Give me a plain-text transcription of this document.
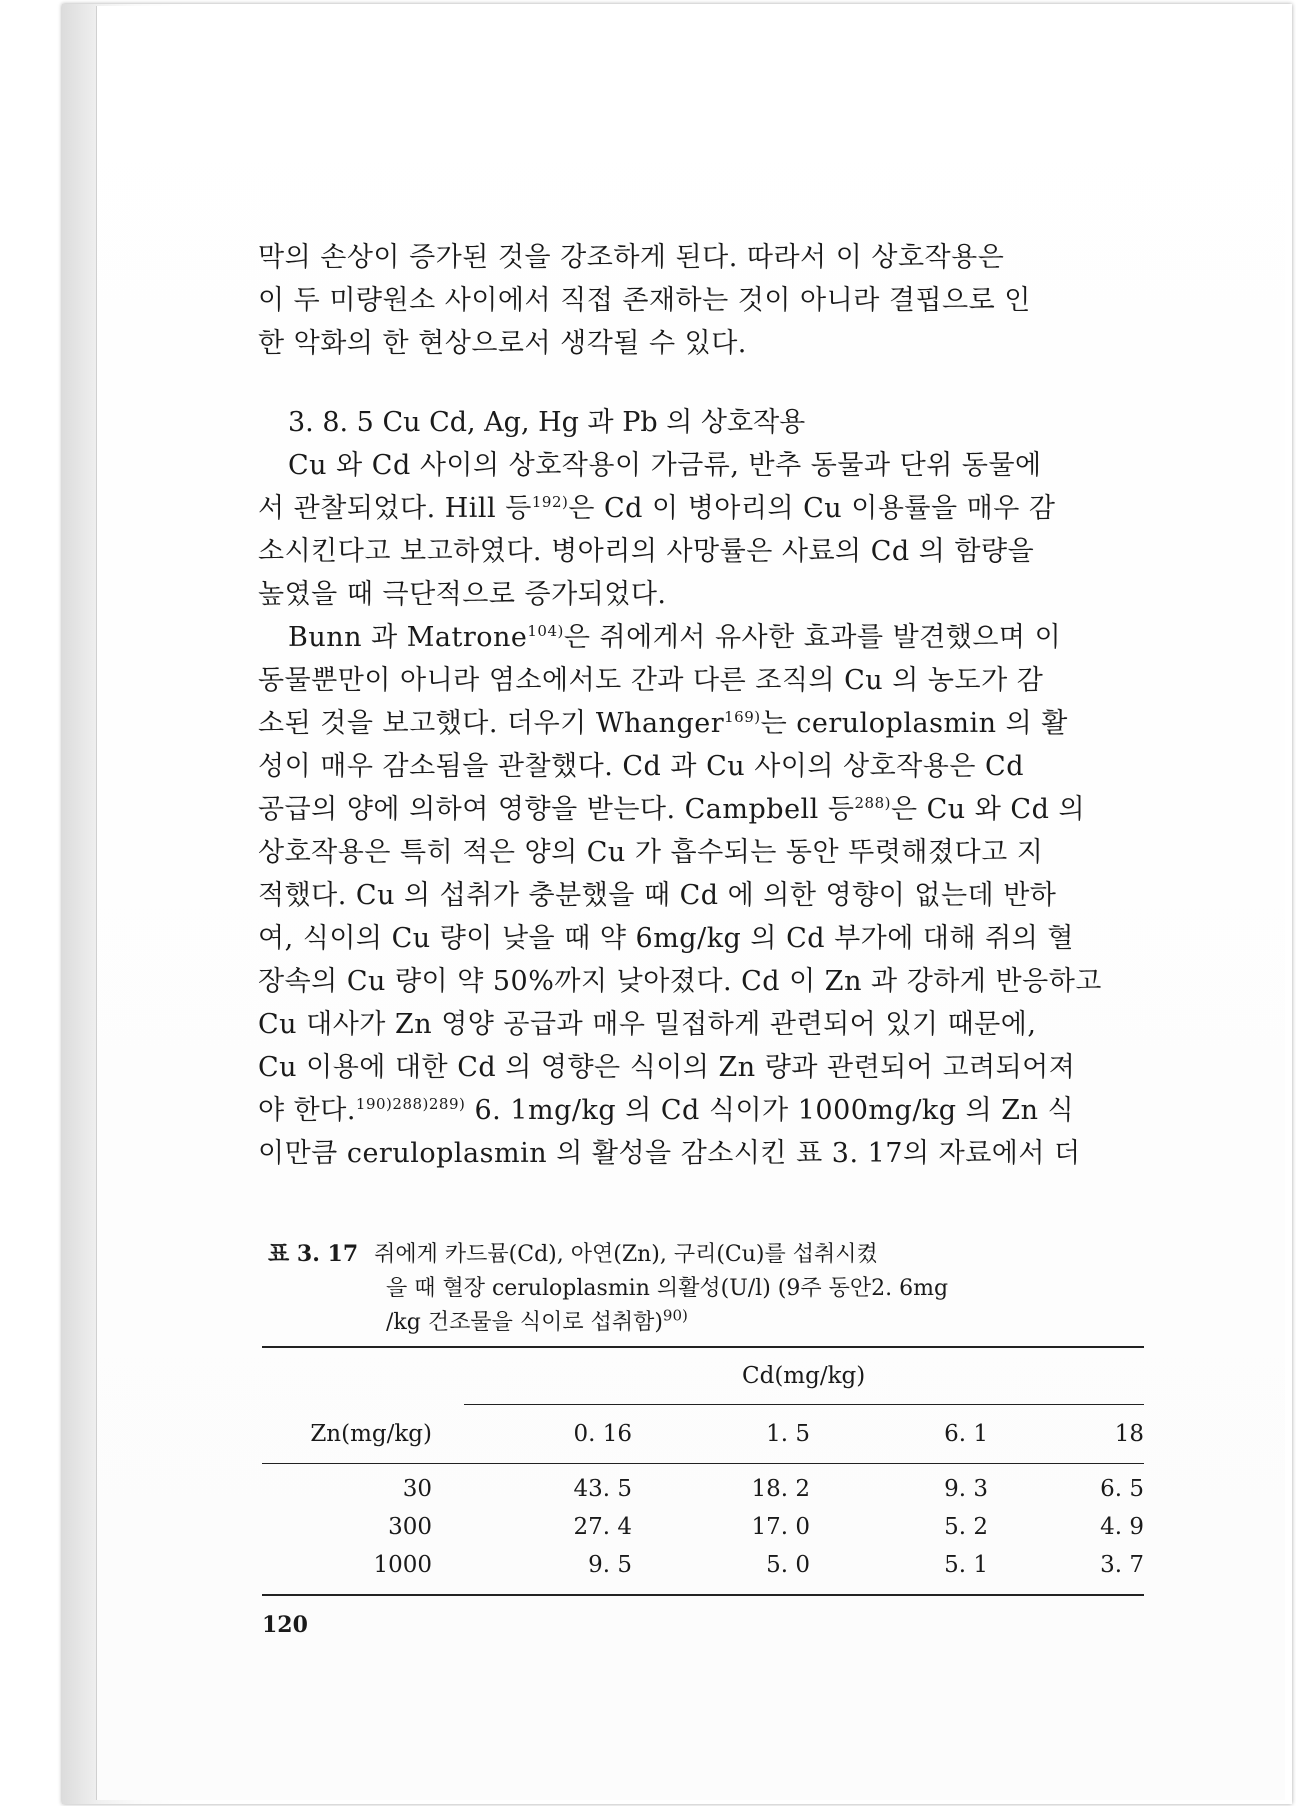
막의 손상이 증가된 것을 강조하게 된다. 따라서 이 상호작용은
이 두 미량원소 사이에서 직접 존재하는 것이 아니라 결핍으로 인
한 악화의 한 현상으로서 생각될 수 있다.
3. 8. 5 Cu Cd, Ag, Hg 과 Pb 의 상호작용
Cu 와 Cd 사이의 상호작용이 가금류, 반추 동물과 단위 동물에
서 관찰되었다. Hill 등$^{192)}$은 Cd 이 병아리의 Cu 이용률을 매우 감
소시킨다고 보고하였다. 병아리의 사망률은 사료의 Cd 의 함량을
높였을 때 극단적으로 증가되었다.
Bunn 과 Matrone$^{104)}$은 쥐에게서 유사한 효과를 발견했으며 이
동물뿐만이 아니라 염소에서도 간과 다른 조직의 Cu 의 농도가 감
소된 것을 보고했다. 더우기 Whanger$^{169)}$는 ceruloplasmin 의 활
성이 매우 감소됨을 관찰했다. Cd 과 Cu 사이의 상호작용은 Cd
공급의 양에 의하여 영향을 받는다. Campbell 등$^{288)}$은 Cu 와 Cd 의
상호작용은 특히 적은 양의 Cu 가 흡수되는 동안 뚜렷해졌다고 지
적했다. Cu 의 섭취가 충분했을 때 Cd 에 의한 영향이 없는데 반하
여, 식이의 Cu 량이 낮을 때 약 6mg/kg 의 Cd 부가에 대해 쥐의 혈
장속의 Cu 량이 약 50%까지 낮아졌다. Cd 이 Zn 과 강하게 반응하고
Cu 대사가 Zn 영양 공급과 매우 밀접하게 관련되어 있기 때문에,
Cu 이용에 대한 Cd 의 영향은 식이의 Zn 량과 관련되어 고려되어져
야 한다.$^{190)288)289)}$ 6. 1mg/kg 의 Cd 식이가 1000mg/kg 의 Zn 식
이만큼 ceruloplasmin 의 활성을 감소시킨 표 3. 17의 자료에서 더
표 3. 17 쥐에게 카드뮴(Cd), 아연(Zn), 구리(Cu)를 섭취시켰
을 때 혈장 ceruloplasmin 의활성(U/l) (9주 동안2. 6mg
/kg 건조물을 식이로 섭취함)$^{90)}$
Cd(mg/kg)
Zn(mg/kg)	0. 16	1. 5	6. 1	18
30	43. 5	18. 2	9. 3	6. 5
300	27. 4	17. 0	5. 2	4. 9
1000	9. 5	5. 0	5. 1	3. 7
120
